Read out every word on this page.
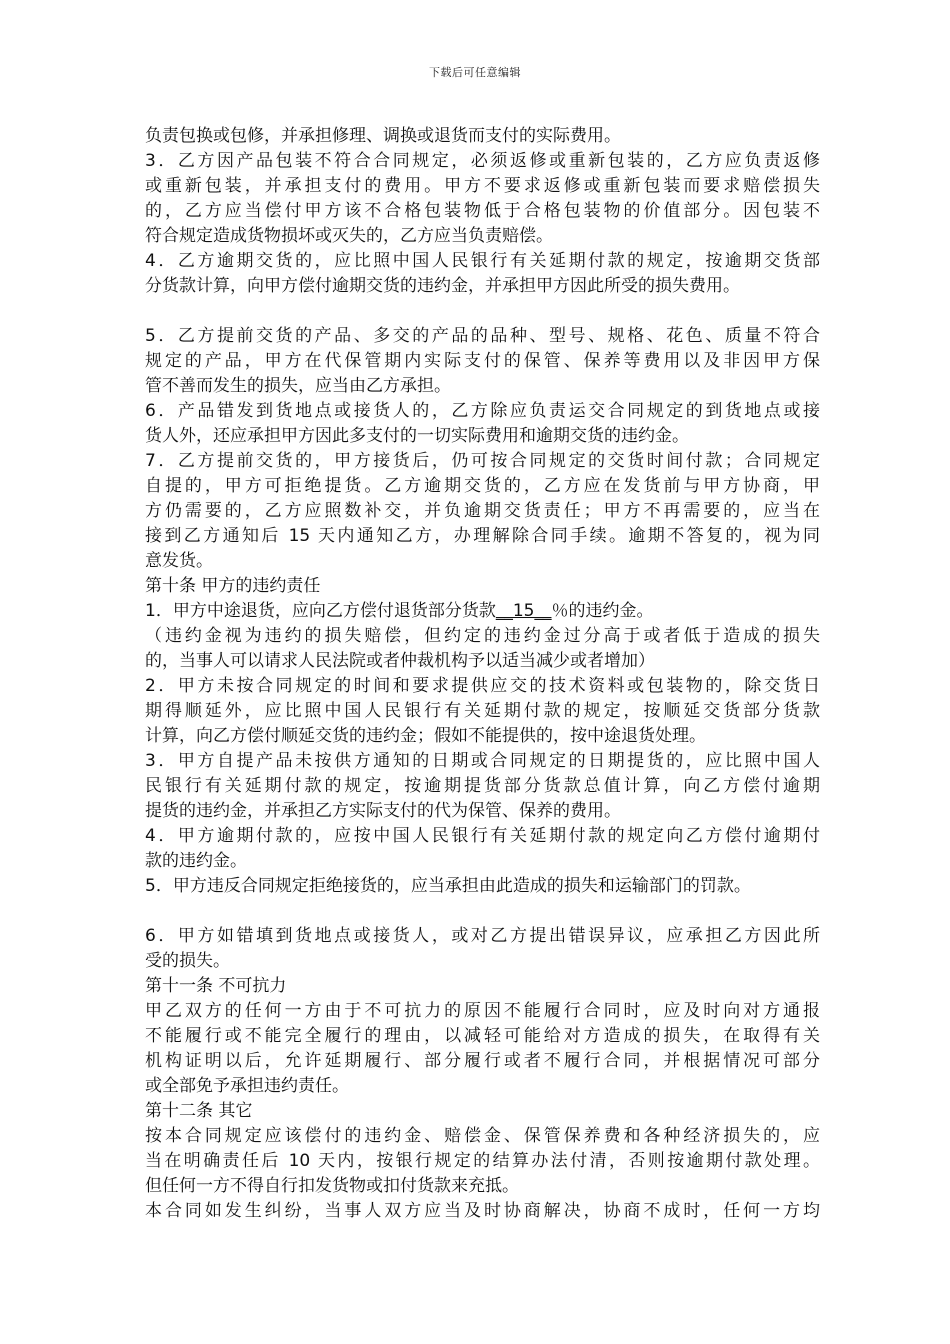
下载后可任意编辑
负责包换或包修，并承担修理、调换或退货而支付的实际费用。
3．乙方因产品包装不符合合同规定，必须返修或重新包装的，乙方应负责返修
或重新包装，并承担支付的费用。甲方不要求返修或重新包装而要求赔偿损失
的，乙方应当偿付甲方该不合格包装物低于合格包装物的价值部分。因包装不
符合规定造成货物损坏或灭失的，乙方应当负责赔偿。
4．乙方逾期交货的，应比照中国人民银行有关延期付款的规定，按逾期交货部
分货款计算，向甲方偿付逾期交货的违约金，并承担甲方因此所受的损失费用。
5．乙方提前交货的产品、多交的产品的品种、型号、规格、花色、质量不符合
规定的产品，甲方在代保管期内实际支付的保管、保养等费用以及非因甲方保
管不善而发生的损失，应当由乙方承担。
6．产品错发到货地点或接货人的，乙方除应负责运交合同规定的到货地点或接
货人外，还应承担甲方因此多支付的一切实际费用和逾期交货的违约金。
7．乙方提前交货的，甲方接货后，仍可按合同规定的交货时间付款；合同规定
自提的，甲方可拒绝提货。乙方逾期交货的，乙方应在发货前与甲方协商，甲
方仍需要的，乙方应照数补交，并负逾期交货责任；甲方不再需要的，应当在
接到乙方通知后 15 天内通知乙方，办理解除合同手续。逾期不答复的，视为同
意发货。
第十条 甲方的违约责任
1．甲方中途退货，应向乙方偿付退货部分货款__15__％的违约金。
（违约金视为违约的损失赔偿，但约定的违约金过分高于或者低于造成的损失
的，当事人可以请求人民法院或者仲裁机构予以适当减少或者增加）
2．甲方未按合同规定的时间和要求提供应交的技术资料或包装物的，除交货日
期得顺延外，应比照中国人民银行有关延期付款的规定，按顺延交货部分货款
计算，向乙方偿付顺延交货的违约金；假如不能提供的，按中途退货处理。
3．甲方自提产品未按供方通知的日期或合同规定的日期提货的，应比照中国人
民银行有关延期付款的规定，按逾期提货部分货款总值计算，向乙方偿付逾期
提货的违约金，并承担乙方实际支付的代为保管、保养的费用。
4．甲方逾期付款的，应按中国人民银行有关延期付款的规定向乙方偿付逾期付
款的违约金。
5．甲方违反合同规定拒绝接货的，应当承担由此造成的损失和运输部门的罚款。
6．甲方如错填到货地点或接货人，或对乙方提出错误异议，应承担乙方因此所
受的损失。
第十一条 不可抗力
甲乙双方的任何一方由于不可抗力的原因不能履行合同时，应及时向对方通报
不能履行或不能完全履行的理由，以减轻可能给对方造成的损失，在取得有关
机构证明以后，允许延期履行、部分履行或者不履行合同，并根据情况可部分
或全部免予承担违约责任。
第十二条 其它
按本合同规定应该偿付的违约金、赔偿金、保管保养费和各种经济损失的，应
当在明确责任后 10 天内，按银行规定的结算办法付清，否则按逾期付款处理。
但任何一方不得自行扣发货物或扣付货款来充抵。
本合同如发生纠纷，当事人双方应当及时协商解决，协商不成时，任何一方均
